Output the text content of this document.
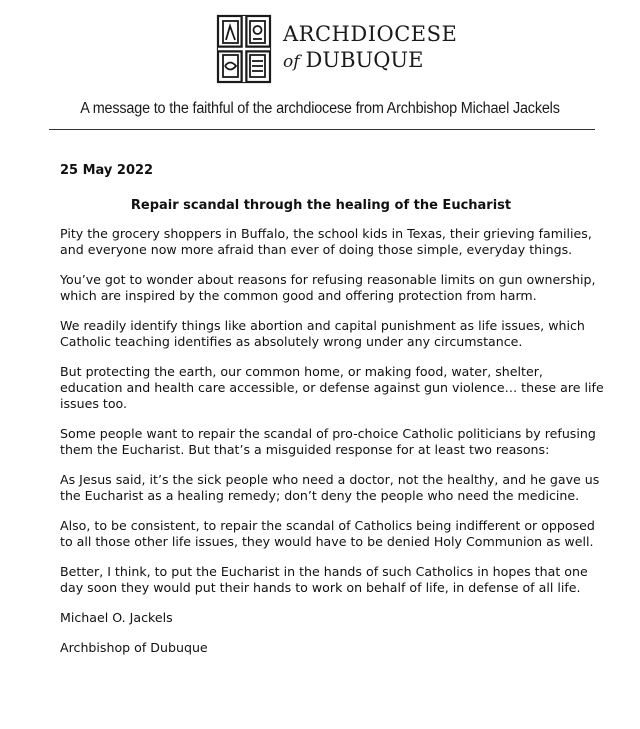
ARCHDIOCESE
of DUBUQUE
A message to the faithful of the archdiocese from Archbishop Michael Jackels

25 May 2022

Repair scandal through the healing of the Eucharist

Pity the grocery shoppers in Buffalo, the school kids in Texas, their grieving families, and everyone now more afraid than ever of doing those simple, everyday things.

You’ve got to wonder about reasons for refusing reasonable limits on gun ownership, which are inspired by the common good and offering protection from harm.

We readily identify things like abortion and capital punishment as life issues, which Catholic teaching identifies as absolutely wrong under any circumstance.

But protecting the earth, our common home, or making food, water, shelter, education and health care accessible, or defense against gun violence… these are life issues too.

Some people want to repair the scandal of pro-choice Catholic politicians by refusing them the Eucharist. But that’s a misguided response for at least two reasons:

As Jesus said, it’s the sick people who need a doctor, not the healthy, and he gave us the Eucharist as a healing remedy; don’t deny the people who need the medicine.

Also, to be consistent, to repair the scandal of Catholics being indifferent or opposed to all those other life issues, they would have to be denied Holy Communion as well.

Better, I think, to put the Eucharist in the hands of such Catholics in hopes that one day soon they would put their hands to work on behalf of life, in defense of all life.

Michael O. Jackels

Archbishop of Dubuque
